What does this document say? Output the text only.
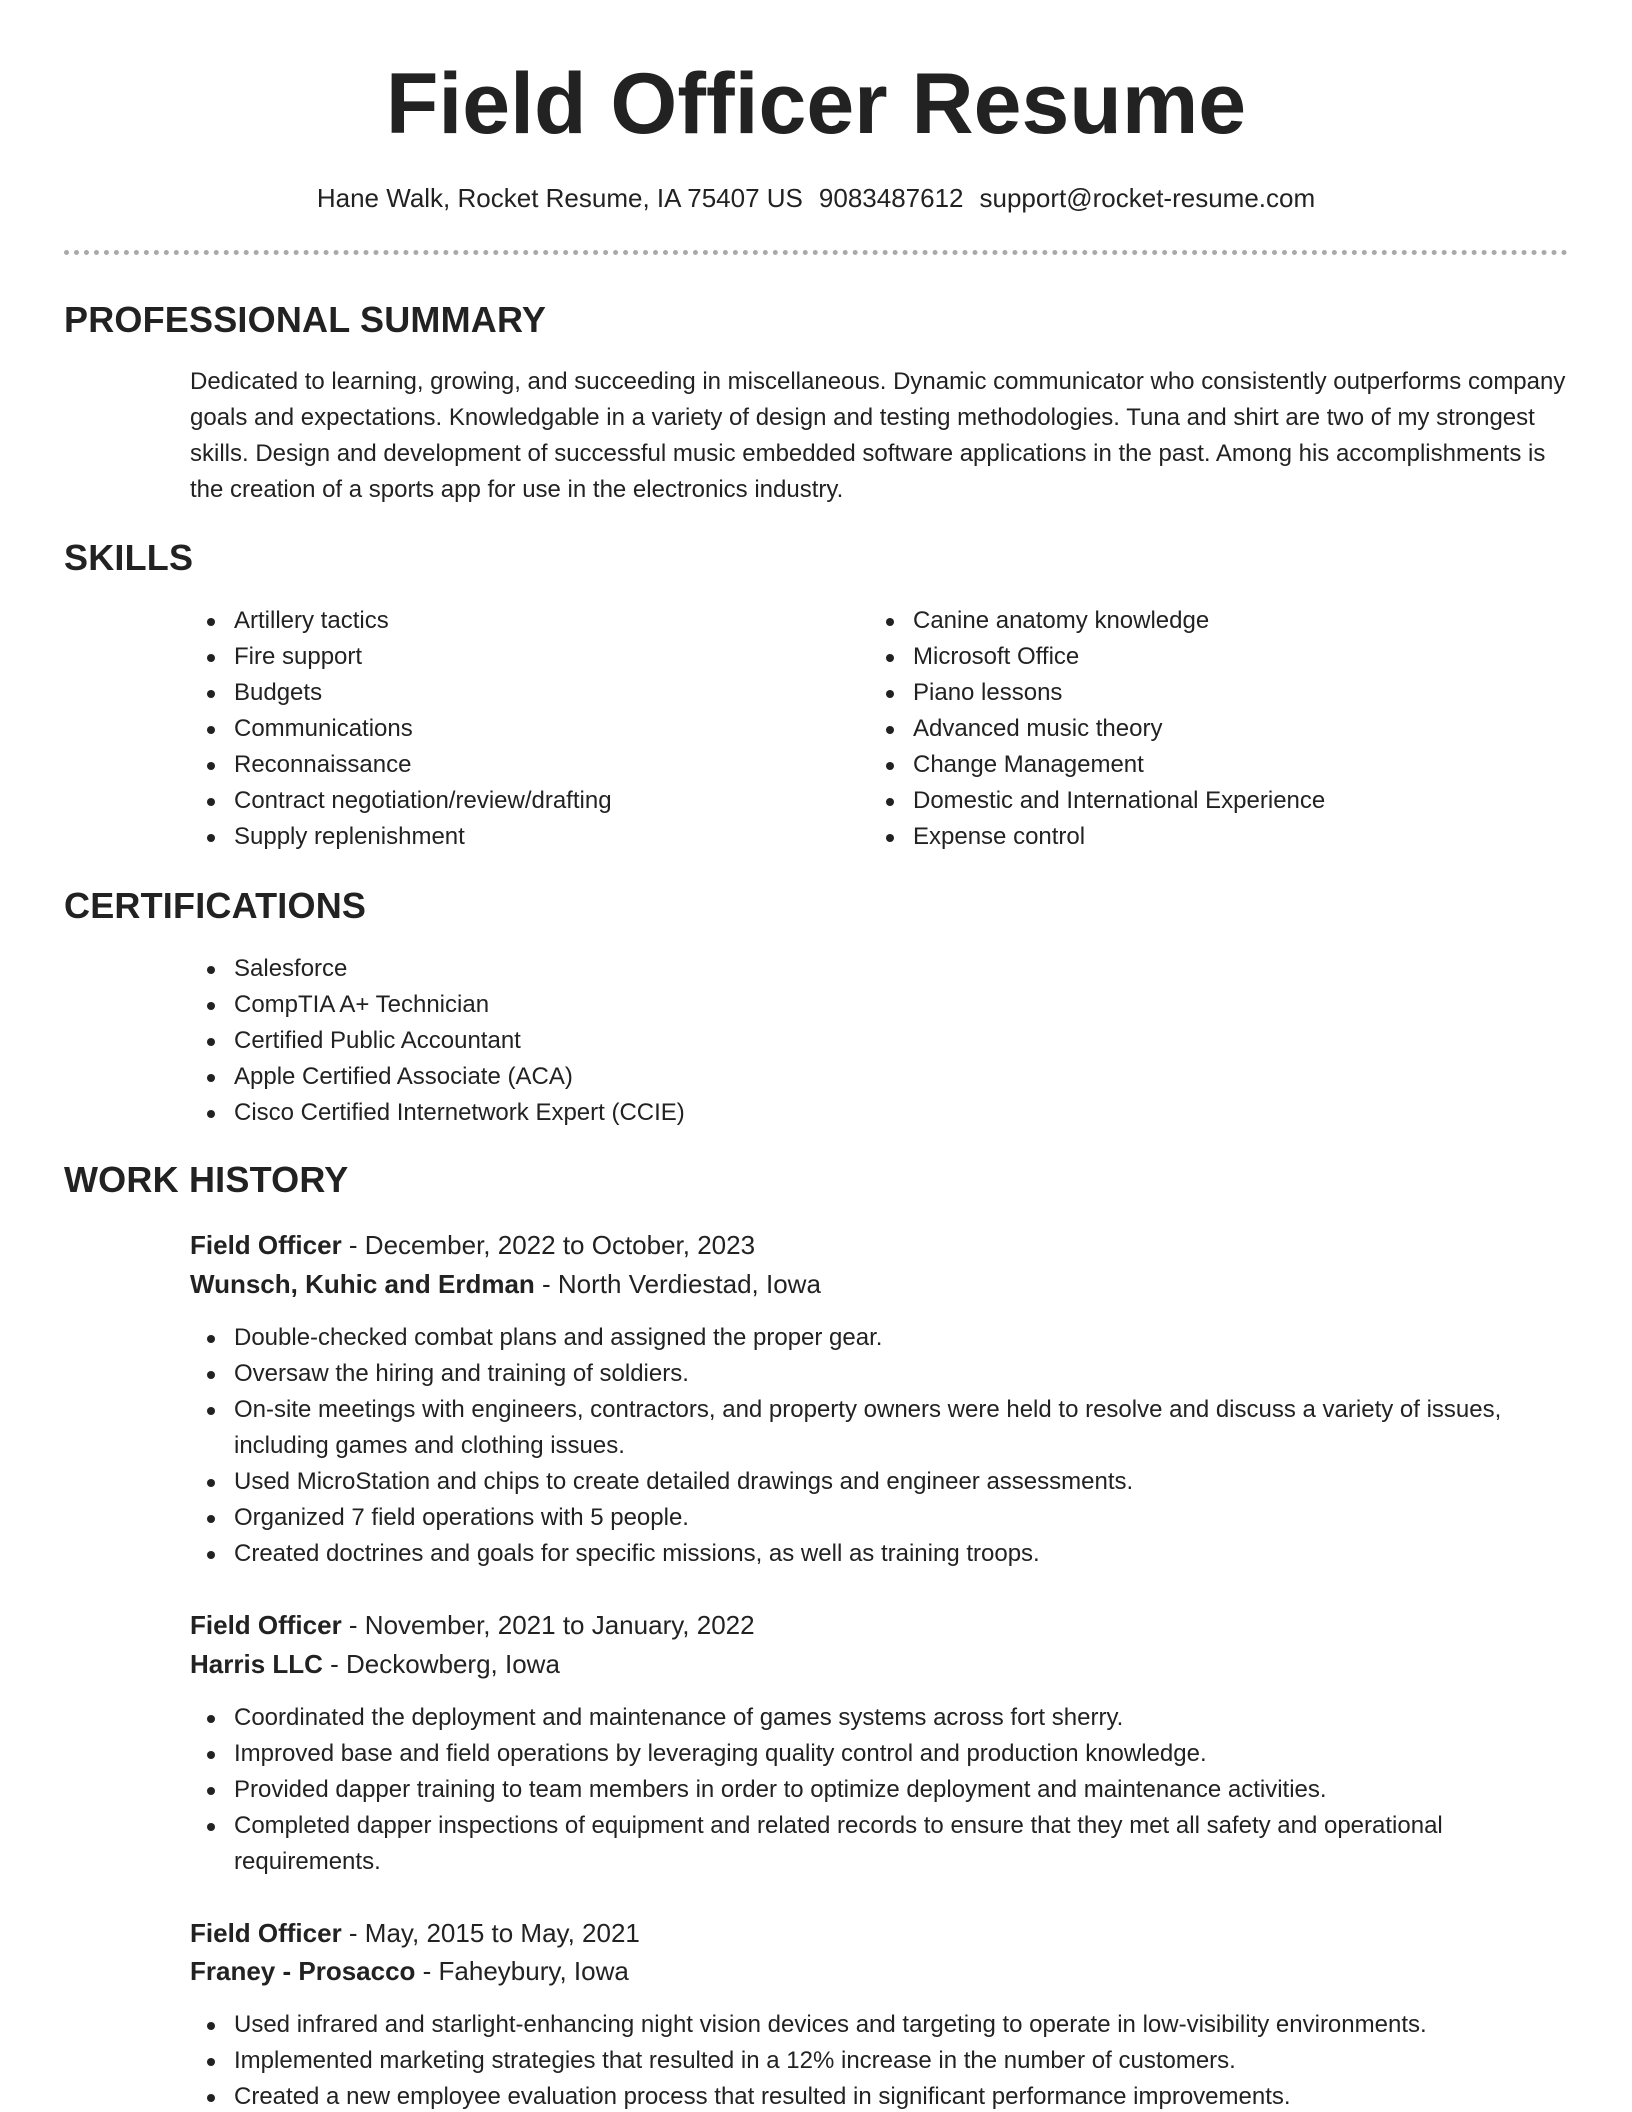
Field Officer Resume
Hane Walk, Rocket Resume, IA 75407 US 9083487612 support@rocket-resume.com
PROFESSIONAL SUMMARY

Dedicated to learning, growing, and succeeding in miscellaneous. Dynamic communicator who consistently outperforms company goals and expectations. Knowledgable in a variety of design and testing methodologies. Tuna and shirt are two of my strongest skills. Design and development of successful music embedded software applications in the past. Among his accomplishments is the creation of a sports app for use in the electronics industry.

SKILLS
Artillery tactics
Fire support
Budgets
Communications
Reconnaissance
Contract negotiation/review/drafting
Supply replenishment
Canine anatomy knowledge
Microsoft Office
Piano lessons
Advanced music theory
Change Management
Domestic and International Experience
Expense control
CERTIFICATIONS
Salesforce
CompTIA A+ Technician
Certified Public Accountant
Apple Certified Associate (ACA)
Cisco Certified Internetwork Expert (CCIE)
WORK HISTORY
Field Officer - December, 2022 to October, 2023
Wunsch, Kuhic and Erdman - North Verdiestad, Iowa
Double-checked combat plans and assigned the proper gear.
Oversaw the hiring and training of soldiers.
On-site meetings with engineers, contractors, and property owners were held to resolve and discuss a variety of issues, including games and clothing issues.
Used MicroStation and chips to create detailed drawings and engineer assessments.
Organized 7 field operations with 5 people.
Created doctrines and goals for specific missions, as well as training troops.
Field Officer - November, 2021 to January, 2022
Harris LLC - Deckowberg, Iowa
Coordinated the deployment and maintenance of games systems across fort sherry.
Improved base and field operations by leveraging quality control and production knowledge.
Provided dapper training to team members in order to optimize deployment and maintenance activities.
Completed dapper inspections of equipment and related records to ensure that they met all safety and operational requirements.
Field Officer - May, 2015 to May, 2021
Franey - Prosacco - Faheybury, Iowa
Used infrared and starlight-enhancing night vision devices and targeting to operate in low-visibility environments.
Implemented marketing strategies that resulted in a 12% increase in the number of customers.
Created a new employee evaluation process that resulted in significant performance improvements.
